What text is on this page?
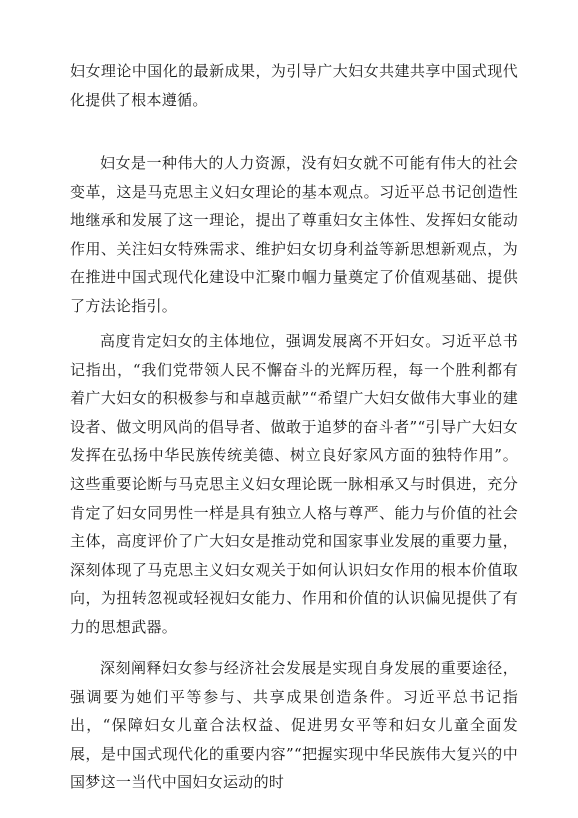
妇女理论中国化的最新成果，为引导广大妇女共建共享中国式现代化提供了根本遵循。

妇女是一种伟大的人力资源，没有妇女就不可能有伟大的社会变革，这是马克思主义妇女理论的基本观点。习近平总书记创造性地继承和发展了这一理论，提出了尊重妇女主体性、发挥妇女能动作用、关注妇女特殊需求、维护妇女切身利益等新思想新观点，为在推进中国式现代化建设中汇聚巾帼力量奠定了价值观基础、提供了方法论指引。

高度肯定妇女的主体地位，强调发展离不开妇女。习近平总书记指出，“我们党带领人民不懈奋斗的光辉历程，每一个胜利都有着广大妇女的积极参与和卓越贡献”“希望广大妇女做伟大事业的建设者、做文明风尚的倡导者、做敢于追梦的奋斗者”“引导广大妇女发挥在弘扬中华民族传统美德、树立良好家风方面的独特作用”。这些重要论断与马克思主义妇女理论既一脉相承又与时俱进，充分肯定了妇女同男性一样是具有独立人格与尊严、能力与价值的社会主体，高度评价了广大妇女是推动党和国家事业发展的重要力量，深刻体现了马克思主义妇女观关于如何认识妇女作用的根本价值取向，为扭转忽视或轻视妇女能力、作用和价值的认识偏见提供了有力的思想武器。

深刻阐释妇女参与经济社会发展是实现自身发展的重要途径，强调要为她们平等参与、共享成果创造条件。习近平总书记指出，“保障妇女儿童合法权益、促进男女平等和妇女儿童全面发展，是中国式现代化的重要内容”“把握实现中华民族伟大复兴的中国梦这一当代中国妇女运动的时
